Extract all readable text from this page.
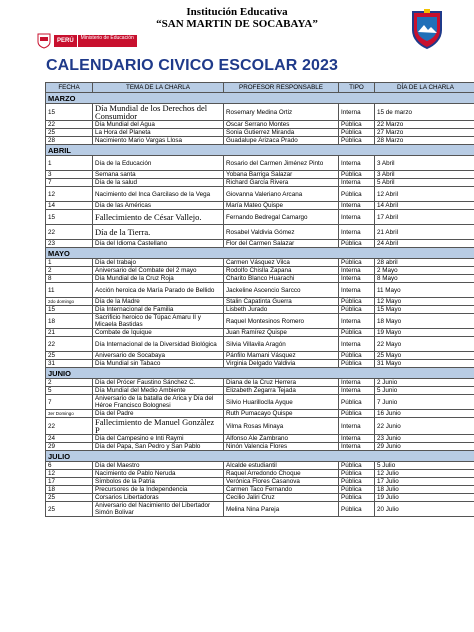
Institución Educativa
“SAN MARTIN DE SOCABAYA”
PERÚ	Ministerio de Educación
CALENDARIO CIVICO ESCOLAR 2023
FECHA	TEMA DE LA CHARLA	PROFESOR RESPONSABLE	TIPO	DÍA DE LA CHARLA
MARZO				
15	Día Mundial de los Derechos del Consumidor	Rosemary Medina Ortiz	Interna	15 de marzo
22	Día Mundial del Agua	Oscar Serrano Montes	Pública	22 Marzo
25	La Hora del Planeta	Sonia Gutierrez Miranda	Pública	27 Marzo
28	Nacimiento Mario Vargas Llosa	Guadalupe Arizaca Prado	Pública	28 Marzo
ABRIL				
1	Día de la Educación	Rosario del Carmen Jiménez Pinto	Interna	3 Abril
3	Semana santa	Yobana Barriga Salazar	Pública	3 Abril
7	Día de la salud	Richard García Rivera	Interna	5 Abril
12	Nacimiento del Inca Garcilaso de la Vega	Giovanna Valeriano Arcana	Pública	12 Abril
14	Día de las Américas	María Mateo Quispe	Interna	14 Abril
15	Fallecimiento de César Vallejo.	Fernando Bedregal Camargo	Interna	17 Abril
22	Día de la Tierra.	Rosabel Valdivia Gómez	Interna	21 Abril
23	Día del Idioma Castellano	Flor del Carmen Salazar	Pública	24 Abril
MAYO				
1	Día del trabajo	Carmen Vásquez Vilca	Pública	28 abril
2	Aniversario del Combate del 2 mayo	Rodolfo Chislla Zapana	Interna	2 Mayo
8	Día Mundial de la Cruz Roja	Charito Blanco Huarachi	Interna	8 Mayo
11	Acción heroica de María Parado de Bellido	Jackeline Ascencio Sarcco	Interna	11 Mayo
2do domingo	Día de la Madre	Stalin Capatinta Guerra	Pública	12 Mayo
15	Día Internacional de Familia	Lisbeth Jurado	Pública	15 Mayo
18	Sacrificio heroico de Túpac Amaru II y Micaela Bastidas	Raquel Montesinos Romero	Interna	18 Mayo
21	Combate de Iquique	Juan Ramírez Quispe	Pública	19 Mayo
22	Día Internacional de la Diversidad Biológica	Silvia Villavila Aragón	Interna	22 Mayo
25	Aniversario de Socabaya	Pánfilo Mamani Vásquez	Pública	25 Mayo
31	Día Mundial sin Tabaco	Virginia Delgado Valdivia	Pública	31 Mayo
JUNIO				
2	Día del Prócer Faustino Sánchez C.	Diana de la Cruz Herrera	Interna	2 Junio
5	Día Mundial del Medio Ambiente	Elizabeth Zegarra Tejada	Interna	5 Junio
7	Aniversario de la batalla de Arica y Día del Héroe Francisco Bolognesi	Silvio Huarilloclla Ayque	Pública	7 Junio
3er Domingo	Día del Padre	Ruth Pumacayo Quispe	Pública	16 Junio
22	Fallecimiento de Manuel Gonzàlez P	Vilma Rosas Minaya	Interna	22 Junio
24	Día del Campesino e Inti Raymi	Alfonso Ale Zambrano	Interna	23 Junio
29	Día del Papa, San Pedro y San Pablo	Ninón Valencia Flores	Interna	29 Junio
JULIO				
6	Día del Maestro	Alcalde estudiantil	Pública	5 Julio
12	Nacimiento de Pablo Neruda	Raquel Arredondo Choque	Pública	12 Julio
17	Símbolos de la Patria	Verónica Flores Casanova	Pública	17 Julio
18	Precursores de la Independencia	Carmen Taco Fernando	Pública	18 Julio
25	Corsarios Libertadoras	Cecilio Jaliri Cruz	Pública	19 Julio
25	Aniversario del Nacimiento del Libertador Simón Bolivar	Melina Nina Pareja	Pública	20 Julio
